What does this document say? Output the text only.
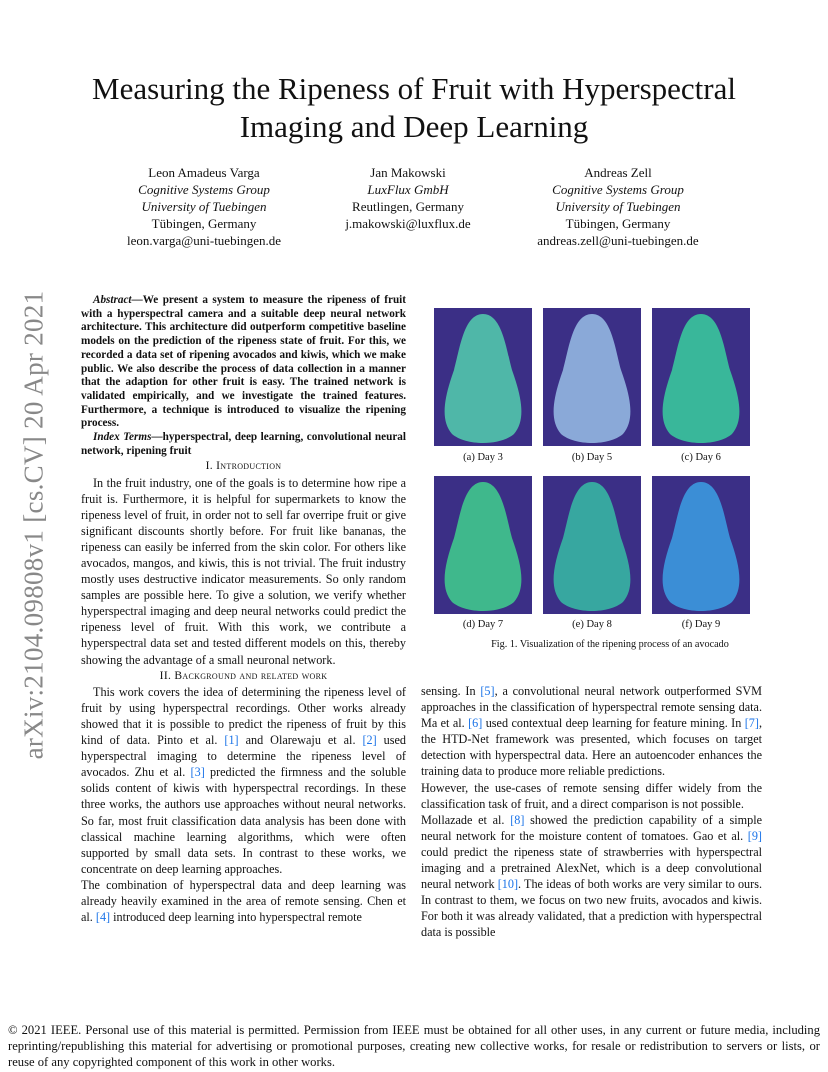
Measuring the Ripeness of Fruit with Hyperspectral Imaging and Deep Learning
Leon Amadeus Varga
Cognitive Systems Group
University of Tuebingen
Tübingen, Germany
leon.varga@uni-tuebingen.de
Jan Makowski
LuxFlux GmbH
Reutlingen, Germany
j.makowski@luxflux.de
Andreas Zell
Cognitive Systems Group
University of Tuebingen
Tübingen, Germany
andreas.zell@uni-tuebingen.de
arXiv:2104.09808v1 [cs.CV] 20 Apr 2021	Abstract—We present a system to measure the ripeness of fruit with a hyperspectral camera and a suitable deep neural network architecture. This architecture did outperform competitive baseline models on the prediction of the ripeness state of fruit. For this, we recorded a data set of ripening avocados and kiwis, which we make public. We also describe the process of data collection in a manner that the adaption for other fruit is easy. The trained network is validated empirically, and we investigate the trained features. Furthermore, a technique is introduced to visualize the ripening process.

Index Terms—hyperspectral, deep learning, convolutional neural network, ripening fruit

I. Introduction

In the fruit industry, one of the goals is to determine how ripe a fruit is. Furthermore, it is helpful for supermarkets to know the ripeness level of fruit, in order not to sell far overripe fruit or give significant discounts shortly before. For fruit like bananas, the ripeness can easily be inferred from the skin color. For others like avocados, mangos, and kiwis, this is not trivial. The fruit industry mostly uses destructive indicator measurements. So only random samples are possible here. To give a solution, we verify whether hyperspectral imaging and deep neural networks could predict the ripeness level of fruit. With this work, we contribute a hyperspectral data set and tested different models on this, thereby showing the advantage of a small neuronal network.

II. Background and related work

This work covers the idea of determining the ripeness level of fruit by using hyperspectral recordings. Other works already showed that it is possible to predict the ripeness of fruit by this kind of data. Pinto et al. [1] and Olarewaju et al. [2] used hyperspectral imaging to determine the ripeness level of avocados. Zhu et al. [3] predicted the firmness and the soluble solids content of kiwis with hyperspectral recordings. In these three works, the authors use approaches without neural networks. So far, most fruit classification data analysis has been done with classical machine learning algorithms, which were often supported by small data sets. In contrast to these works, we concentrate on deep learning approaches.

The combination of hyperspectral data and deep learning was already heavily examined in the area of remote sensing. Chen et al. [4] introduced deep learning into hyperspectral remote

(a) Day 3	(b) Day 5	(c) Day 6
(d) Day 7	(e) Day 8	(f) Day 9
Fig. 1. Visualization of the ripening process of an avocado

sensing. In [5], a convolutional neural network outperformed SVM approaches in the classification of hyperspectral remote sensing data. Ma et al. [6] used contextual deep learning for feature mining. In [7], the HTD-Net framework was presented, which focuses on target detection with hyperspectral data. Here an autoencoder enhances the training data to produce more reliable predictions.

However, the use-cases of remote sensing differ widely from the classification task of fruit, and a direct comparison is not possible.

Mollazade et al. [8] showed the prediction capability of a simple neural network for the moisture content of tomatoes. Gao et al. [9] could predict the ripeness state of strawberries with hyperspectral imaging and a pretrained AlexNet, which is a deep convolutional neural network [10]. The ideas of both works are very similar to ours. In contrast to them, we focus on two new fruits, avocados and kiwis. For both it was already validated, that a prediction with hyperspectral data is possible

© 2021 IEEE. Personal use of this material is permitted. Permission from IEEE must be obtained for all other uses, in any current or future media, including reprinting/republishing this material for advertising or promotional purposes, creating new collective works, for resale or redistribution to servers or lists, or reuse of any copyrighted component of this work in other works.
